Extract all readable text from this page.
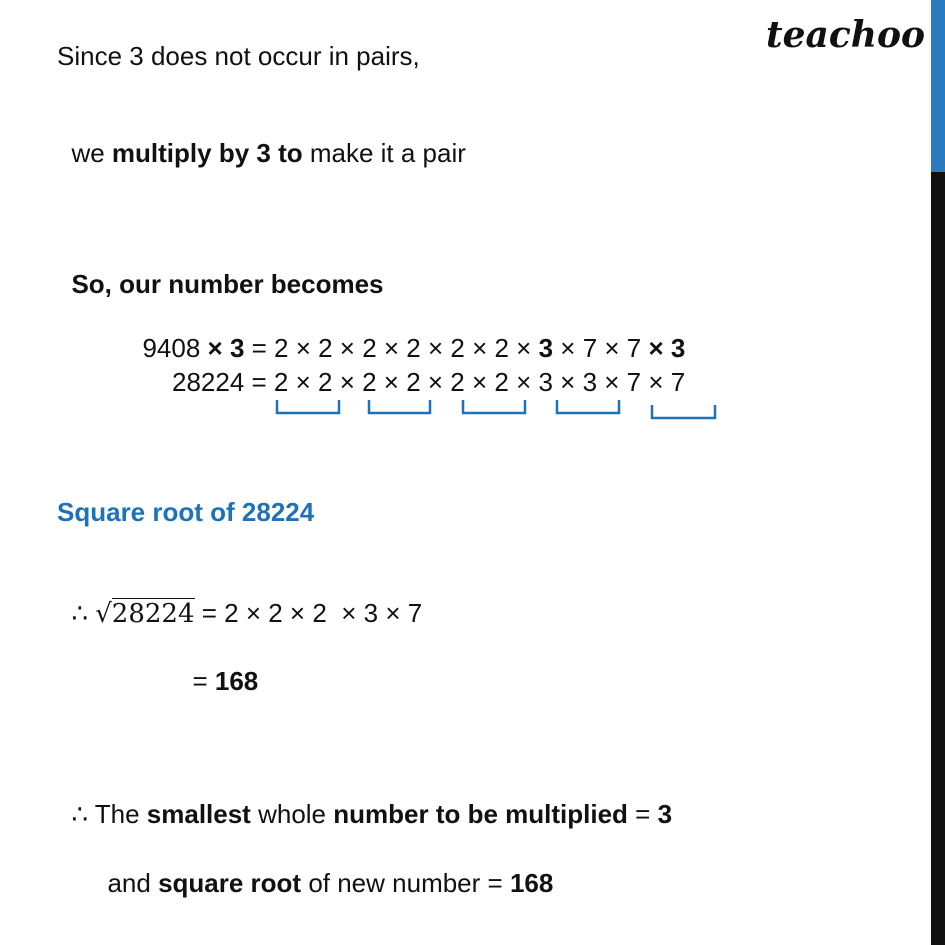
teachoo
Since 3 does not occur in pairs,

we multiply by 3 to make it a pair

So, our number becomes

9408 × 3 = 2 × 2 × 2 × 2 × 2 × 2 × 3 × 7 × 7 × 3

28224 = 2 × 2 × 2 × 2 × 2 × 2 × 3 × 3 × 7 × 7
Square root of 28224

∴ √28224 = 2 × 2 × 2  × 3 × 7

= 168

∴ The smallest whole number to be multiplied = 3

and square root of new number = 168
